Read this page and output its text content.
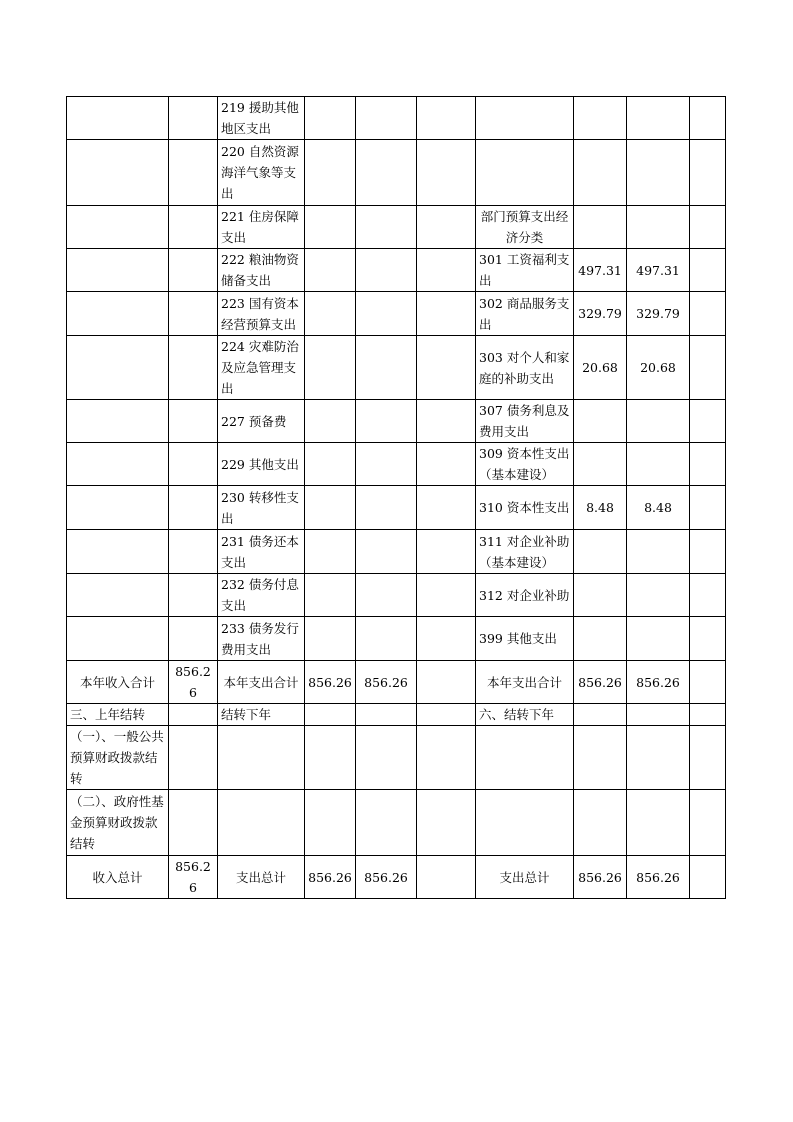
		219 援助其他地区支出							
		220 自然资源海洋气象等支出							
		221 住房保障支出				部门预算支出经济分类			
		222 粮油物资储备支出				301 工资福利支出	497.31	497.31	
		223 国有资本经营预算支出				302 商品服务支出	329.79	329.79	
		224 灾难防治及应急管理支出				303 对个人和家庭的补助支出	20.68	20.68	
		227 预备费				307 债务利息及费用支出			
		229 其他支出				309 资本性支出（基本建设）			
		230 转移性支出				310 资本性支出	8.48	8.48	
		231 债务还本支出				311 对企业补助（基本建设）			
		232 债务付息支出				312 对企业补助			
		233 债务发行费用支出				399 其他支出			
本年收入合计	856.26	本年支出合计	856.26	856.26		本年支出合计	856.26	856.26	
三、上年结转		结转下年				六、结转下年			
（一）、一般公共预算财政拨款结转									
（二）、政府性基金预算财政拨款结转									
收入总计	856.26	支出总计	856.26	856.26		支出总计	856.26	856.26	
